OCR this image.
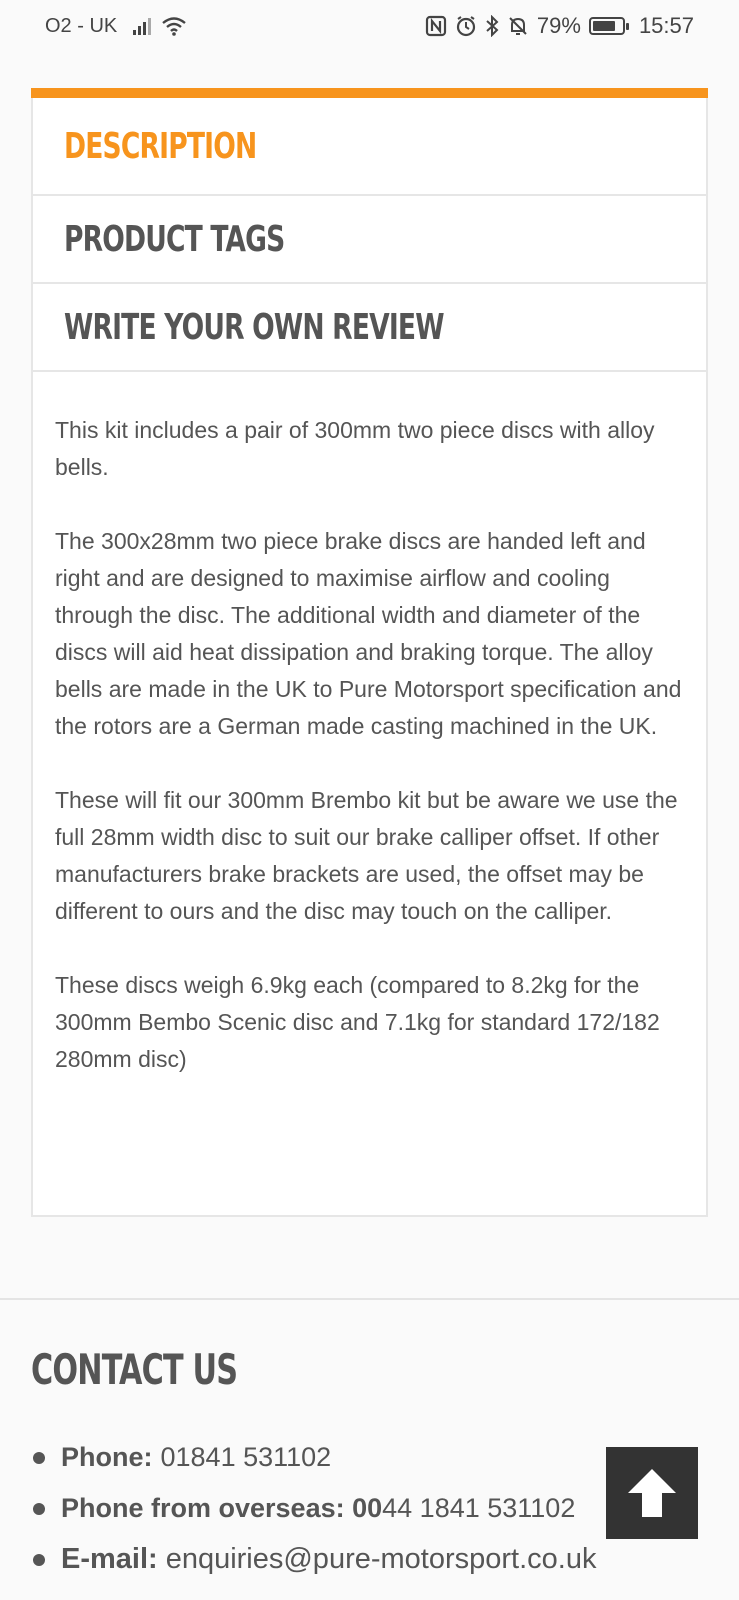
O2 - UK	79%	15:57
DESCRIPTION
PRODUCT TAGS
WRITE YOUR OWN REVIEW

This kit includes a pair of 300mm two piece discs with alloy bells.

The 300x28mm two piece brake discs are handed left and right and are designed to maximise airflow and cooling through the disc. The additional width and diameter of the discs will aid heat dissipation and braking torque. The alloy bells are made in the UK to Pure Motorsport specification and the rotors are a German made casting machined in the UK.

These will fit our 300mm Brembo kit but be aware we use the full 28mm width disc to suit our brake calliper offset. If other manufacturers brake brackets are used, the offset may be different to ours and the disc may touch on the calliper.

These discs weigh 6.9kg each (compared to 8.2kg for the 300mm Bembo Scenic disc and 7.1kg for standard 172/182 280mm disc)

CONTACT US
Phone: 01841 531102
Phone from overseas: 00 44 1841 531102
E-mail: enquiries@pure-motorsport.co.uk
